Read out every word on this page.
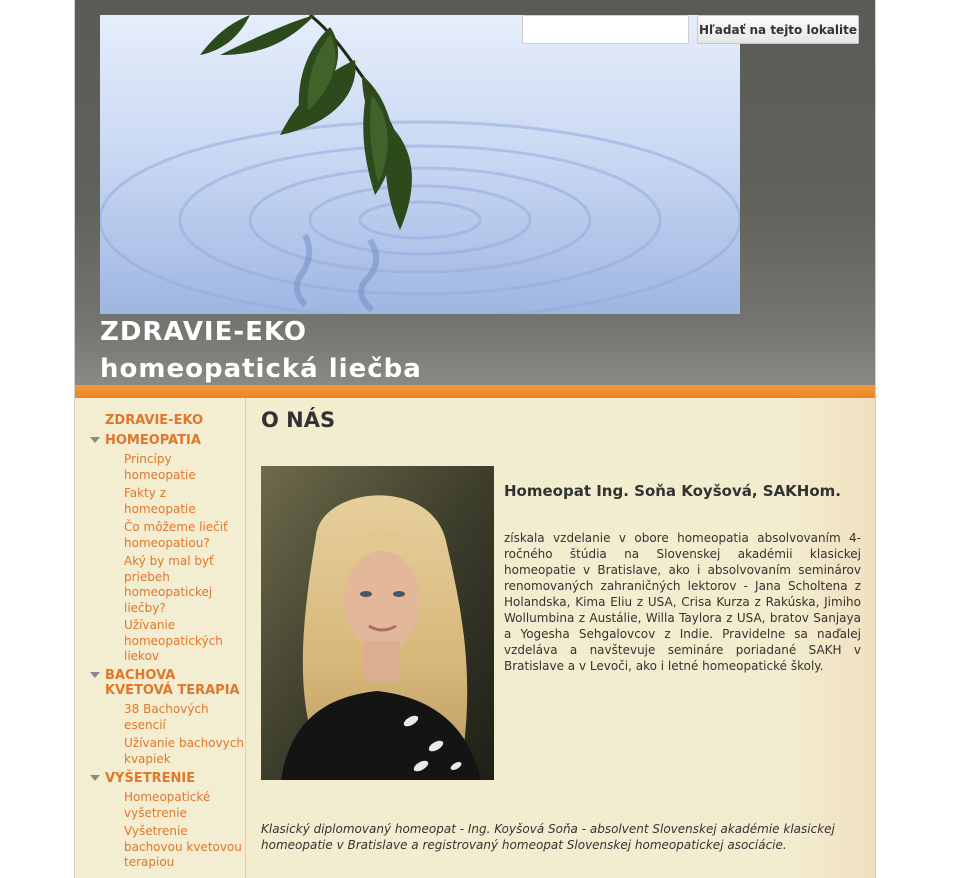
Hľadať na tejto lokalite
ZDRAVIE-EKO
homeopatická liečba
ZDRAVIE-EKO
HOMEOPATIA
Princípy
homeopatie
Fakty z
homeopatie
Čo môžeme liečiť
homeopatiou?
Aký by mal byť
priebeh
homeopatickej
liečby?
Užívanie
homeopatických
liekov
BACHOVA
KVETOVÁ TERAPIA
38 Bachových
esencií
Užívanie bachovych
kvapiek
VYŠETRENIE
Homeopatické
vyšetrenie
Vyšetrenie
bachovou kvetovou
terapiou
O NÁS
Homeopat Ing. Soňa Koyšová, SAKHom.

získala vzdelanie v obore homeopatia absolvovaním 4- ročného štúdia na Slovenskej akadémii klasickej homeopatie v Bratislave, ako i absolvovaním seminárov renomovaných zahraničných lektorov - Jana Scholtena z Holandska, Kima Eliu z USA, Crisa Kurza z Rakúska, Jimiho Wollumbina z Austálie, Willa Taylora z USA, bratov Sanjaya a Yogesha Sehgalovcov z Indie. Pravidelne sa naďalej vzdeláva a navštevuje semináre poriadané SAKH v Bratislave a v Levoči, ako i letné homeopatické školy.

Klasický diplomovaný homeopat - Ing. Koyšová Soňa - absolvent Slovenskej akadémie klasickej homeopatie v Bratislave a registrovaný homeopat Slovenskej homeopatickej asociácie.
